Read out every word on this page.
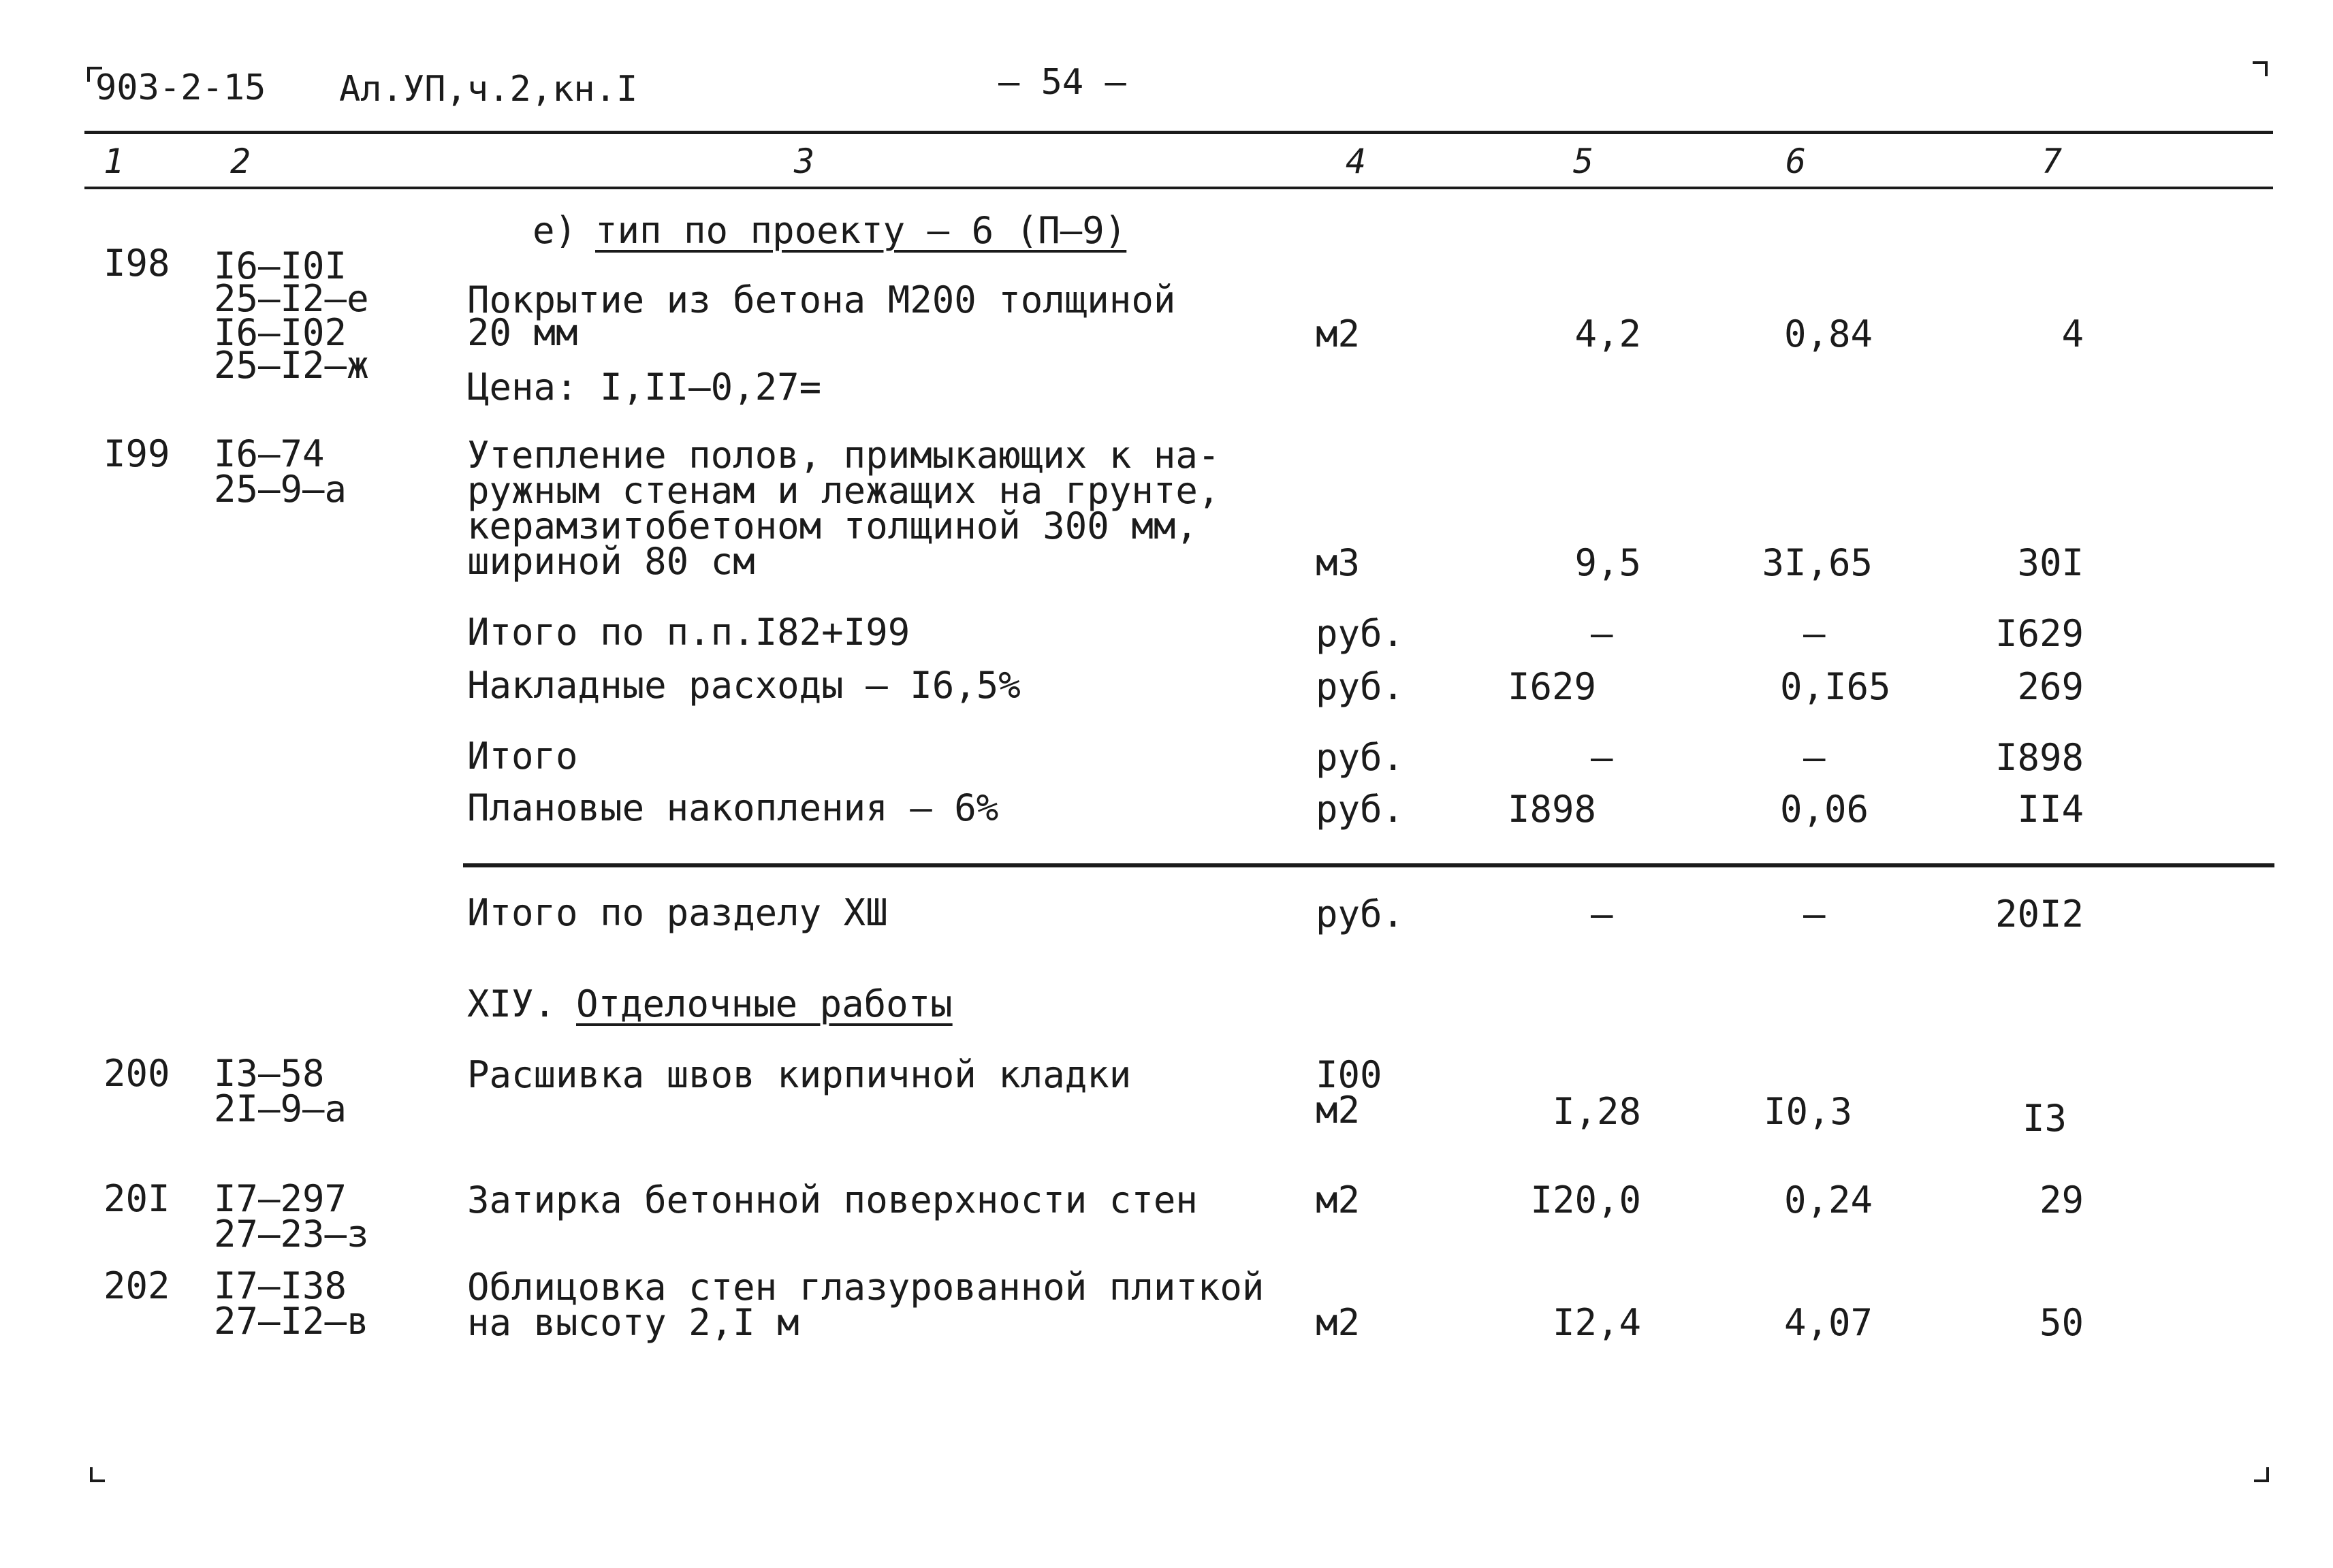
903-2-15 Ал.УП,ч.2,кн.I	– 54 –
1	2	3	4	5	6	7
е) тип по проекту – 6 (П–9)
I98 I6–I0I
25–I2–е
I6–I02
25–I2–ж
Покрытие из бетона М200 толщиной
20 мм
Цена: I,II–0,27=
м2	4,2	0,84	4
I99 I6–74
25–9–а
Утепление полов, примыкающих к на-
ружным стенам и лежащих на грунте,
керамзитобетоном толщиной 300 мм,
шириной 80 см	м3	9,5	3I,65	30I
Итого по п.п.I82+I99	руб.	–	–	I629
Накладные расходы – I6,5%	руб.	I629	0,I65	269
Итого	руб.	–	–	I898
Плановые накопления – 6%	руб.	I898	0,06	II4
Итого по разделу ХШ	руб.	–	–	20I2
ХIУ. Отделочные работы
200 I3–58
2I–9–а
Расшивка швов кирпичной кладки	I00
м2	I,28	I0,3	I3
20I I7–297
27–23–з
Затирка бетонной поверхности стен	м2	I20,0	0,24	29
202 I7–I38
27–I2–в
Облицовка стен глазурованной плиткой
на высоту 2,I м	м2	I2,4	4,07	50
